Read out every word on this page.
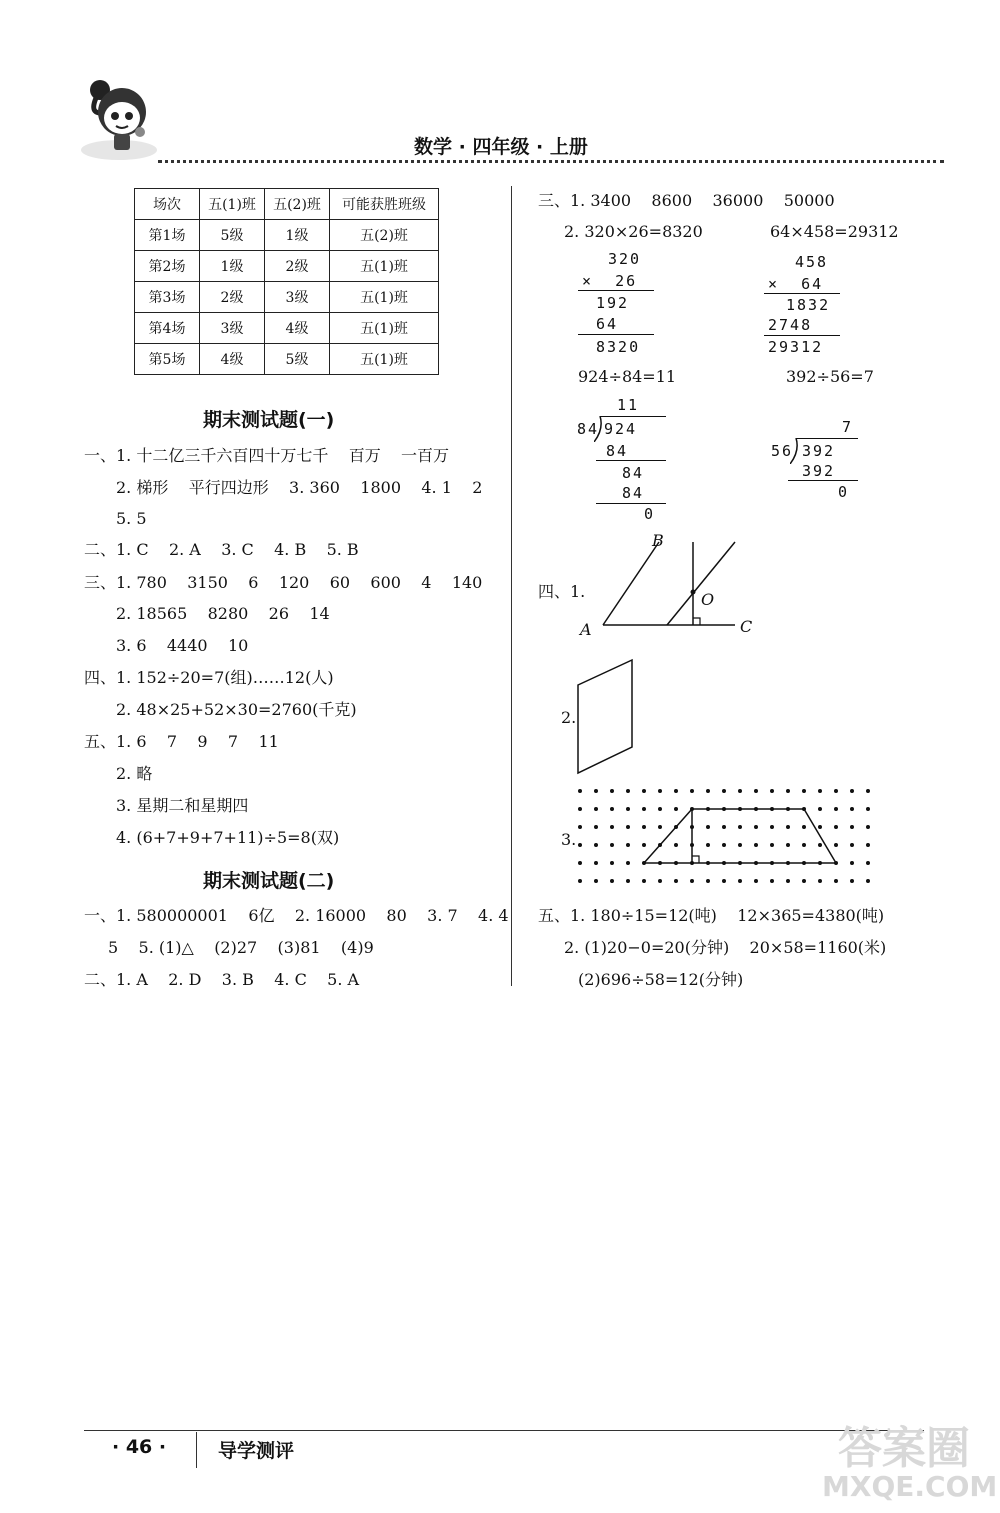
数学 · 四年级 · 上册
场次	五(1)班	五(2)班	可能获胜班级
第1场	5级	1级	五(2)班
第2场	1级	2级	五(1)班
第3场	2级	3级	五(1)班
第4场	3级	4级	五(1)班
第5场	4级	5级	五(1)班
期末测试题(一)
一、1. 十二亿三千六百四十万七千    百万    一百万
2. 梯形    平行四边形    3. 360    1800    4. 1    2
5. 5
二、1. C    2. A    3. C    4. B    5. B
三、1. 780    3150    6    120    60    600    4    140
2. 18565    8280    26    14
3. 6    4440    10
四、1. 152÷20=7(组)……12(人)
2. 48×25+52×30=2760(千克)
五、1. 6    7    9    7    11
2. 略
3. 星期二和星期四
4. (6+7+9+7+11)÷5=8(双)
期末测试题(二)
一、1. 580000001    6亿    2. 16000    80    3. 7    4. 4
5    5. (1)△    (2)27    (3)81    (4)9
二、1. A    2. D    3. B    4. C    5. A
三、1. 3400    8600    36000    50000
2. 320×26=8320	64×458=29312
320
×  26
192
64
8320
458
×  64
1832
2748
29312
924÷84=11	392÷56=7
11
84 924
84
84
84
0
7
56 392
392
0
四、1.
A
B
C
O
2.
3.
五、1. 180÷15=12(吨)    12×365=4380(吨)
2. (1)20−0=20(分钟)    20×58=1160(米)
(2)696÷58=12(分钟)
· 46 ·	导学测评	答案圈
MXQE.COM
